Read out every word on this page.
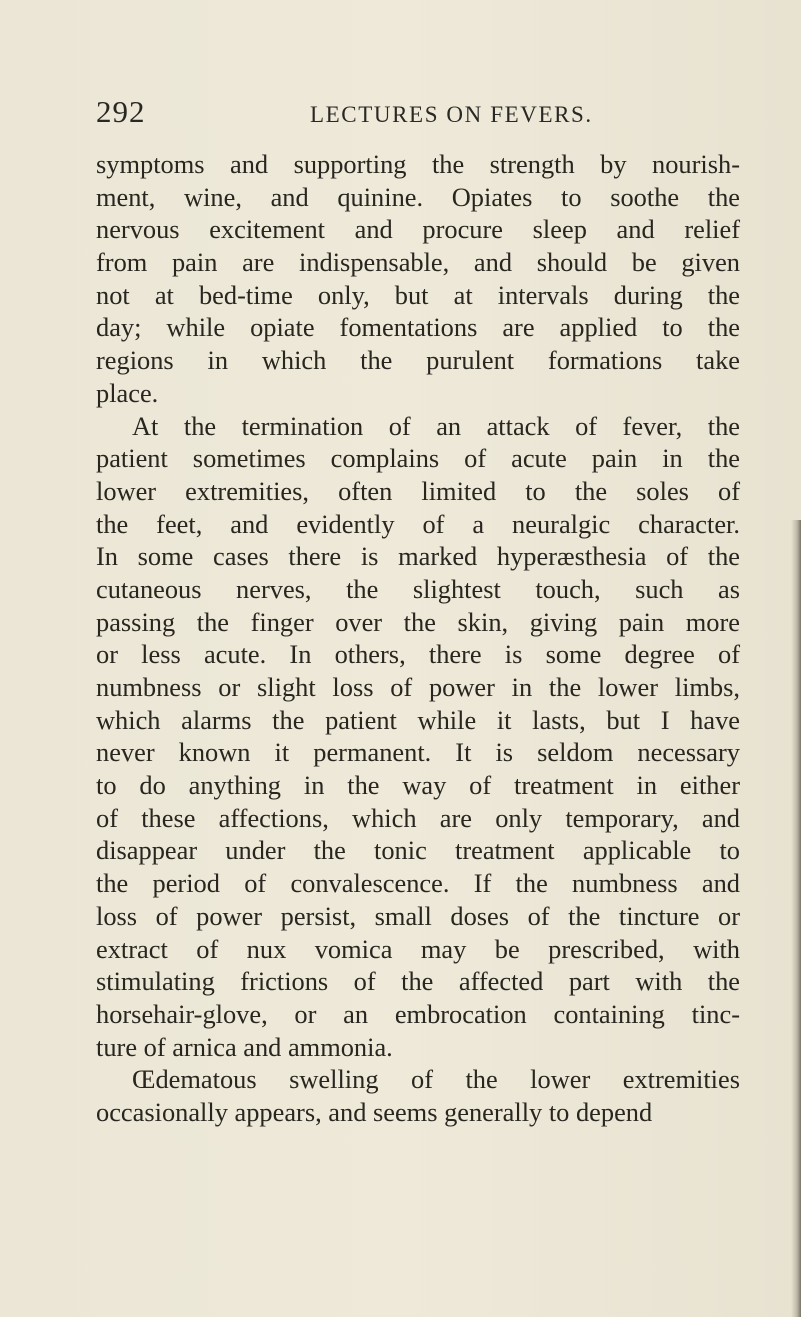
292	LECTURES ON FEVERS.
symptoms and supporting the strength by nourish-
ment, wine, and quinine. Opiates to soothe the
nervous excitement and procure sleep and relief
from pain are indispensable, and should be given
not at bed-time only, but at intervals during the
day; while opiate fomentations are applied to the
regions in which the purulent formations take
place.
At the termination of an attack of fever, the
patient sometimes complains of acute pain in the
lower extremities, often limited to the soles of
the feet, and evidently of a neuralgic character.
In some cases there is marked hyperæsthesia of the
cutaneous nerves, the slightest touch, such as
passing the finger over the skin, giving pain more
or less acute. In others, there is some degree of
numbness or slight loss of power in the lower limbs,
which alarms the patient while it lasts, but I have
never known it permanent. It is seldom necessary
to do anything in the way of treatment in either
of these affections, which are only temporary, and
disappear under the tonic treatment applicable to
the period of convalescence. If the numbness and
loss of power persist, small doses of the tincture or
extract of nux vomica may be prescribed, with
stimulating frictions of the affected part with the
horsehair-glove, or an embrocation containing tinc-
ture of arnica and ammonia.
Œdematous swelling of the lower extremities
occasionally appears, and seems generally to depend
